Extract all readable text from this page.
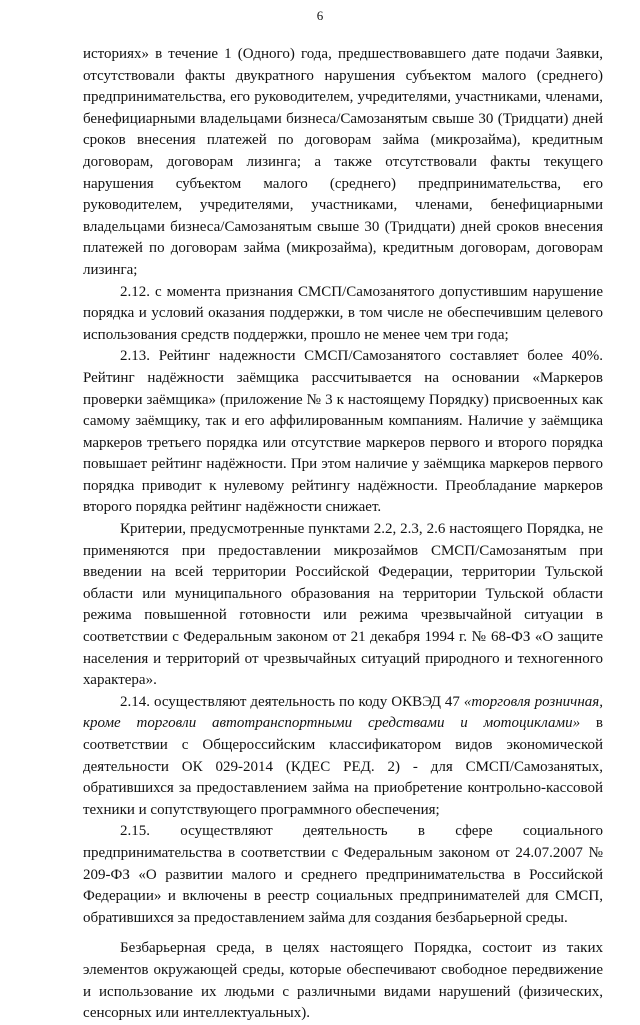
6

историях» в течение 1 (Одного) года, предшествовавшего дате подачи Заявки, отсутствовали факты двукратного нарушения субъектом малого (среднего) предпринимательства, его руководителем, учредителями, участниками, членами, бенефициарными владельцами бизнеса/Самозанятым свыше 30 (Тридцати) дней сроков внесения платежей по договорам займа (микрозайма), кредитным договорам, договорам лизинга; а также отсутствовали факты текущего нарушения субъектом малого (среднего) предпринимательства, его руководителем, учредителями, участниками, членами, бенефициарными владельцами бизнеса/Самозанятым свыше 30 (Тридцати) дней сроков внесения платежей по договорам займа (микрозайма), кредитным договорам, договорам лизинга;

2.12. с момента признания СМСП/Самозанятого допустившим нарушение порядка и условий оказания поддержки, в том числе не обеспечившим целевого использования средств поддержки, прошло не менее чем три года;

2.13. Рейтинг надежности СМСП/Самозанятого составляет более 40%. Рейтинг надёжности заёмщика рассчитывается на основании «Маркеров проверки заёмщика» (приложение № 3 к настоящему Порядку) присвоенных как самому заёмщику, так и его аффилированным компаниям. Наличие у заёмщика маркеров третьего порядка или отсутствие маркеров первого и второго порядка повышает рейтинг надёжности. При этом наличие у заёмщика маркеров первого порядка приводит к нулевому рейтингу надёжности. Преобладание маркеров второго порядка рейтинг надёжности снижает.

Критерии, предусмотренные пунктами 2.2, 2.3, 2.6 настоящего Порядка, не применяются при предоставлении микрозаймов СМСП/Самозанятым при введении на всей территории Российской Федерации, территории Тульской области или муниципального образования на территории Тульской области режима повышенной готовности или режима чрезвычайной ситуации в соответствии с Федеральным законом от 21 декабря 1994 г. № 68-ФЗ «О защите населения и территорий от чрезвычайных ситуаций природного и техногенного характера».

2.14. осуществляют деятельность по коду ОКВЭД 47 «торговля розничная, кроме торговли автотранспортными средствами и мотоциклами» в соответствии с Общероссийским классификатором видов экономической деятельности ОК 029-2014 (КДЕС РЕД. 2) - для СМСП/Самозанятых, обратившихся за предоставлением займа на приобретение контрольно-кассовой техники и сопутствующего программного обеспечения;

2.15. осуществляют деятельность в сфере социального предпринимательства в соответствии с Федеральным законом от 24.07.2007 № 209-ФЗ «О развитии малого и среднего предпринимательства в Российской Федерации» и включены в реестр социальных предпринимателей для СМСП, обратившихся за предоставлением займа для создания безбарьерной среды.

Безбарьерная среда, в целях настоящего Порядка, состоит из таких элементов окружающей среды, которые обеспечивают свободное передвижение и использование их людьми с различными видами нарушений (физических, сенсорных или интеллектуальных).
